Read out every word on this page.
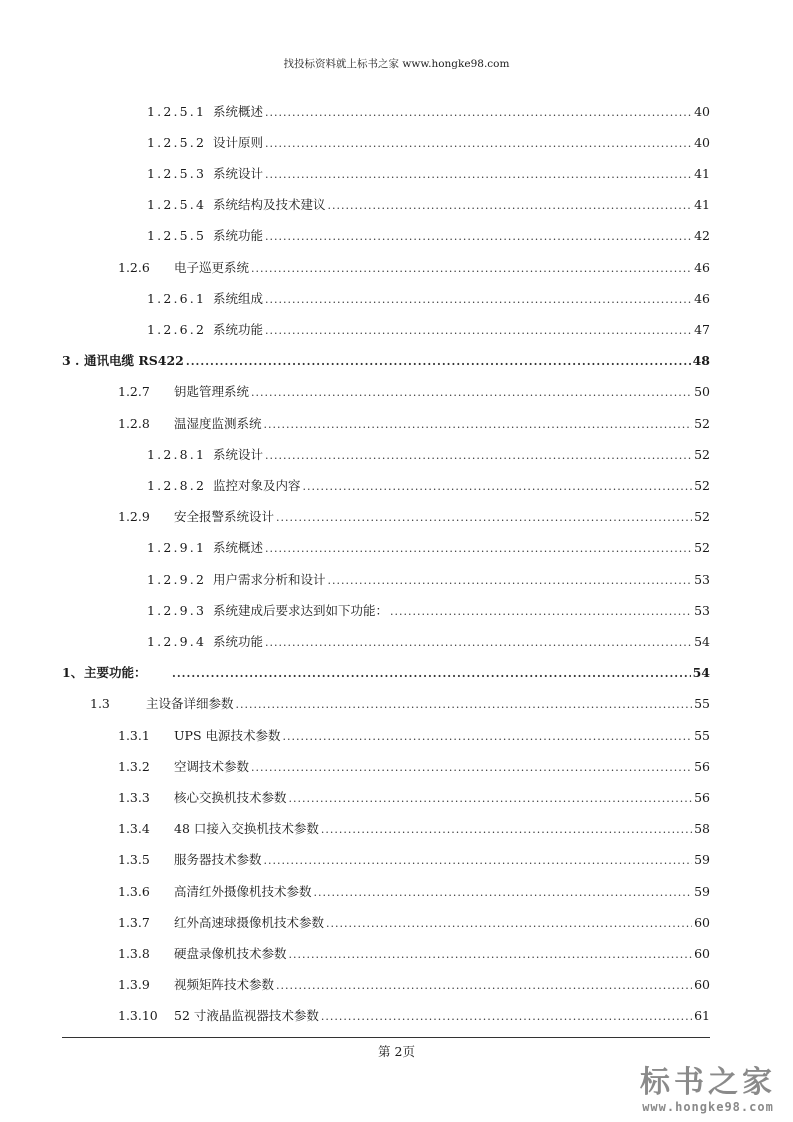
找投标资料就上标书之家 www.hongke98.com
1.2.5.1 系统概述 .....	40
1.2.5.2 设计原则 .....	40
1.2.5.3 系统设计 .....	41
1.2.5.4 系统结构及技术建议 .....	41
1.2.5.5 系统功能 .....	42
1.2.6	电子巡更系统 .....	46
1.2.6.1 系统组成 .....	46
1.2.6.2 系统功能 .....	47
3 . 通讯电缆 RS422 .....	48
1.2.7	钥匙管理系统 .....	50
1.2.8	温湿度监测系统 .....	52
1.2.8.1 系统设计 .....	52
1.2.8.2 监控对象及内容 .....	52
1.2.9	安全报警系统设计 .....	52
1.2.9.1 系统概述 .....	52
1.2.9.2 用户需求分析和设计 .....	53
1.2.9.3 系统建成后要求达到如下功能： .....	53
1.2.9.4 系统功能 .....	54
1、 主要功能： .....	54
1.3	主设备详细参数 .....	55
1.3.1	UPS 电源技术参数 .....	55
1.3.2	空调技术参数 .....	56
1.3.3	核心交换机技术参数 .....	56
1.3.4	48 口接入交换机技术参数 .....	58
1.3.5	服务器技术参数 .....	59
1.3.6	高清红外摄像机技术参数 .....	59
1.3.7	红外高速球摄像机技术参数 .....	60
1.3.8	硬盘录像机技术参数 .....	60
1.3.9	视频矩阵技术参数 .....	60
1.3.10	52 寸液晶监视器技术参数 .....	61
第 2页
标书之家
www.hongke98.com
